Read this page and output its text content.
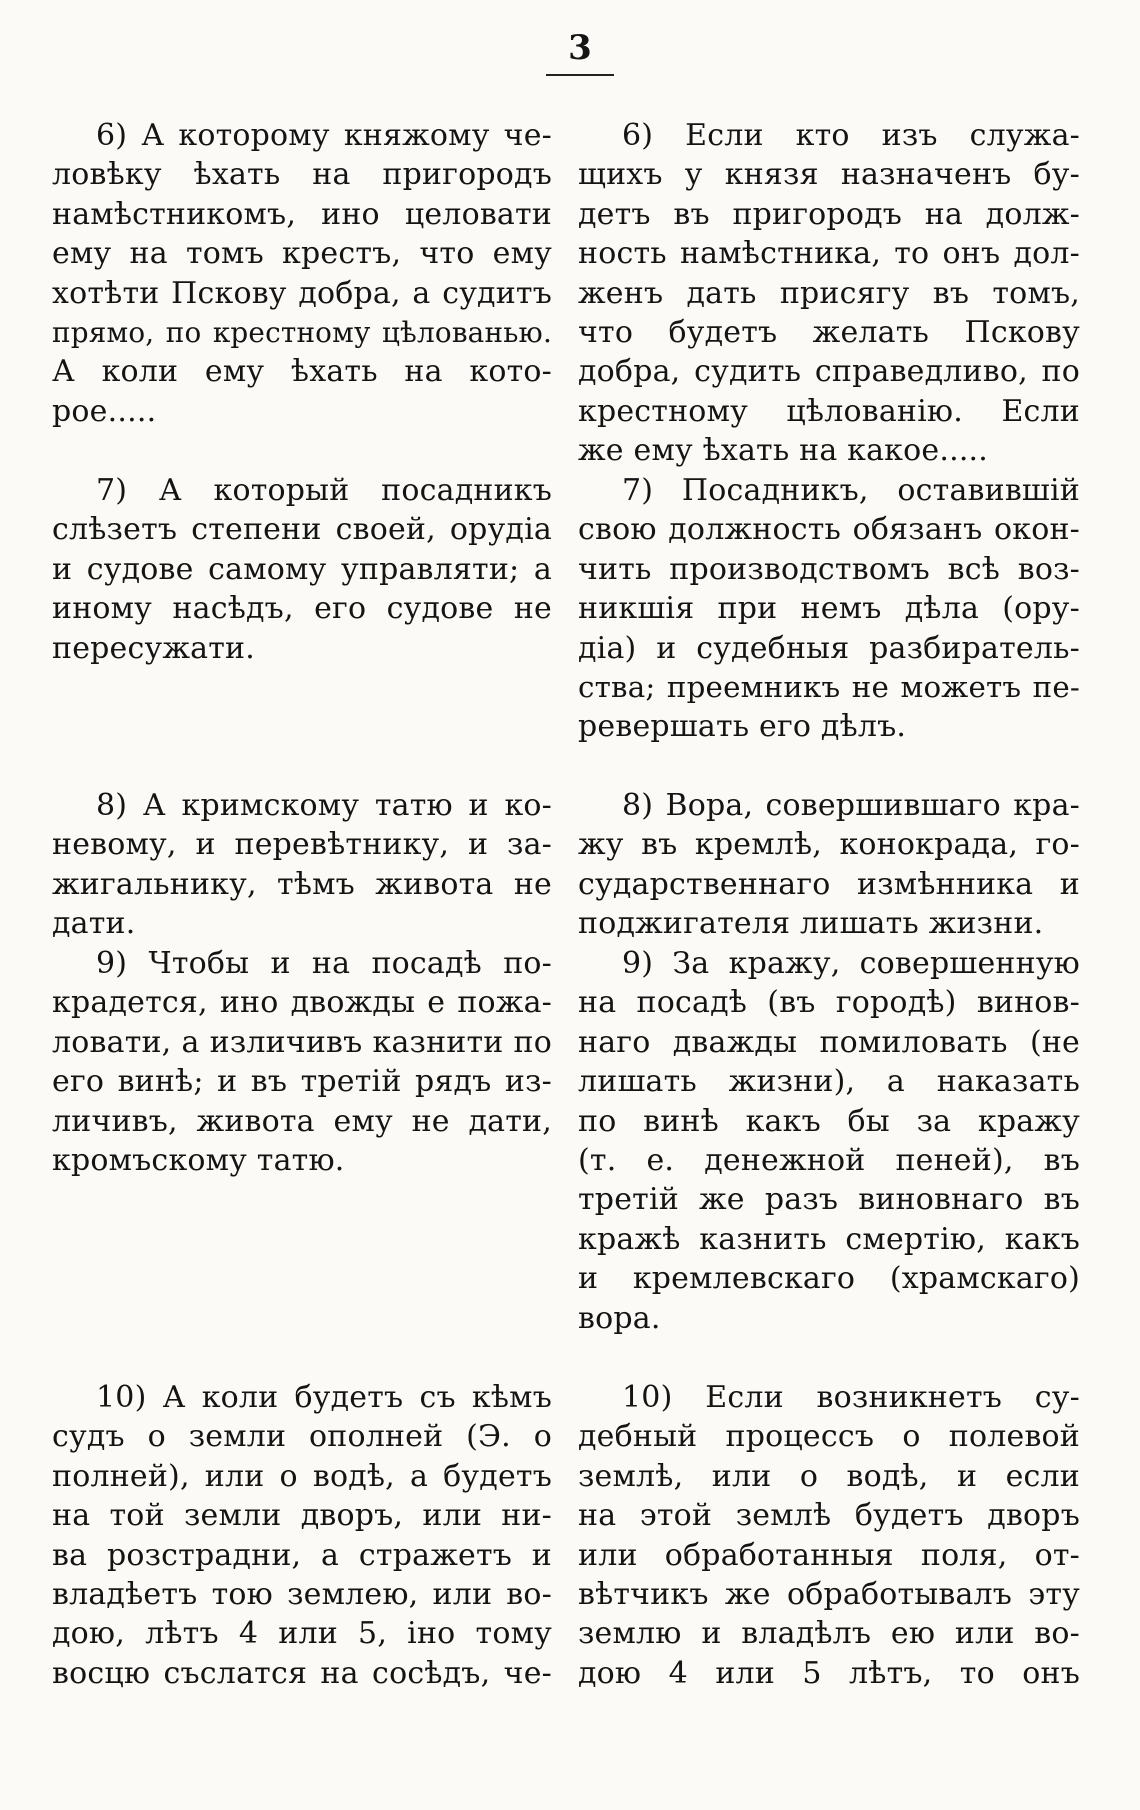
3
6) А которому княжому че-
ловѣку ѣхать на пригородъ
намѣстникомъ, ино целовати
ему на томъ крестъ, что ему
хотѣти Пскову добра, а судитъ
прямо, по крестному цѣлованью.
А коли ему ѣхать на кото-
рое.....
7) А который посадникъ
слѣзетъ степени своей, орудіа
и судове самому управляти; а
иному насѣдъ, его судове не
пересужати.
8) А кримскому татю и ко-
невому, и перевѣтнику, и за-
жигальнику, тѣмъ живота не
дати.
9) Чтобы и на посадѣ по-
крадется, ино двожды е пожа-
ловати, а изличивъ казнити по
его винѣ; и въ третій рядъ из-
личивъ, живота ему не дати,
кромъскому татю.
10) А коли будетъ съ кѣмъ
судъ о земли ополней (Э. о
полней), или о водѣ, а будетъ
на той земли дворъ, или ни-
ва розстрадни, а стражетъ и
владѣетъ тою землею, или во-
дою, лѣтъ 4 или 5, іно тому
восцю съслатся на сосѣдъ, че-
6) Если кто изъ служа-
щихъ у князя назначенъ бу-
детъ въ пригородъ на долж-
ность намѣстника, то онъ дол-
женъ дать присягу въ томъ,
что будетъ желать Пскову
добра, судить справедливо, по
крестному цѣлованію. Если
же ему ѣхать на какое.....
7) Посадникъ, оставившій
свою должность обязанъ окон-
чить производствомъ всѣ воз-
никшія при немъ дѣла (ору-
діа) и судебныя разбиратель-
ства; преемникъ не можетъ пе-
ревершать его дѣлъ.
8) Вора, совершившаго кра-
жу въ кремлѣ, конокрада, го-
сударственнаго измѣнника и
поджигателя лишать жизни.
9) За кражу, совершенную
на посадѣ (въ городѣ) винов-
наго дважды помиловать (не
лишать жизни), а наказать
по винѣ какъ бы за кражу
(т. е. денежной пеней), въ
третій же разъ виновнаго въ
кражѣ казнить смертію, какъ
и кремлевскаго (храмскаго)
вора.
10) Если возникнетъ су-
дебный процессъ о полевой
землѣ, или о водѣ, и если
на этой землѣ будетъ дворъ
или обработанныя поля, от-
вѣтчикъ же обработывалъ эту
землю и владѣлъ ею или во-
дою 4 или 5 лѣтъ, то онъ
